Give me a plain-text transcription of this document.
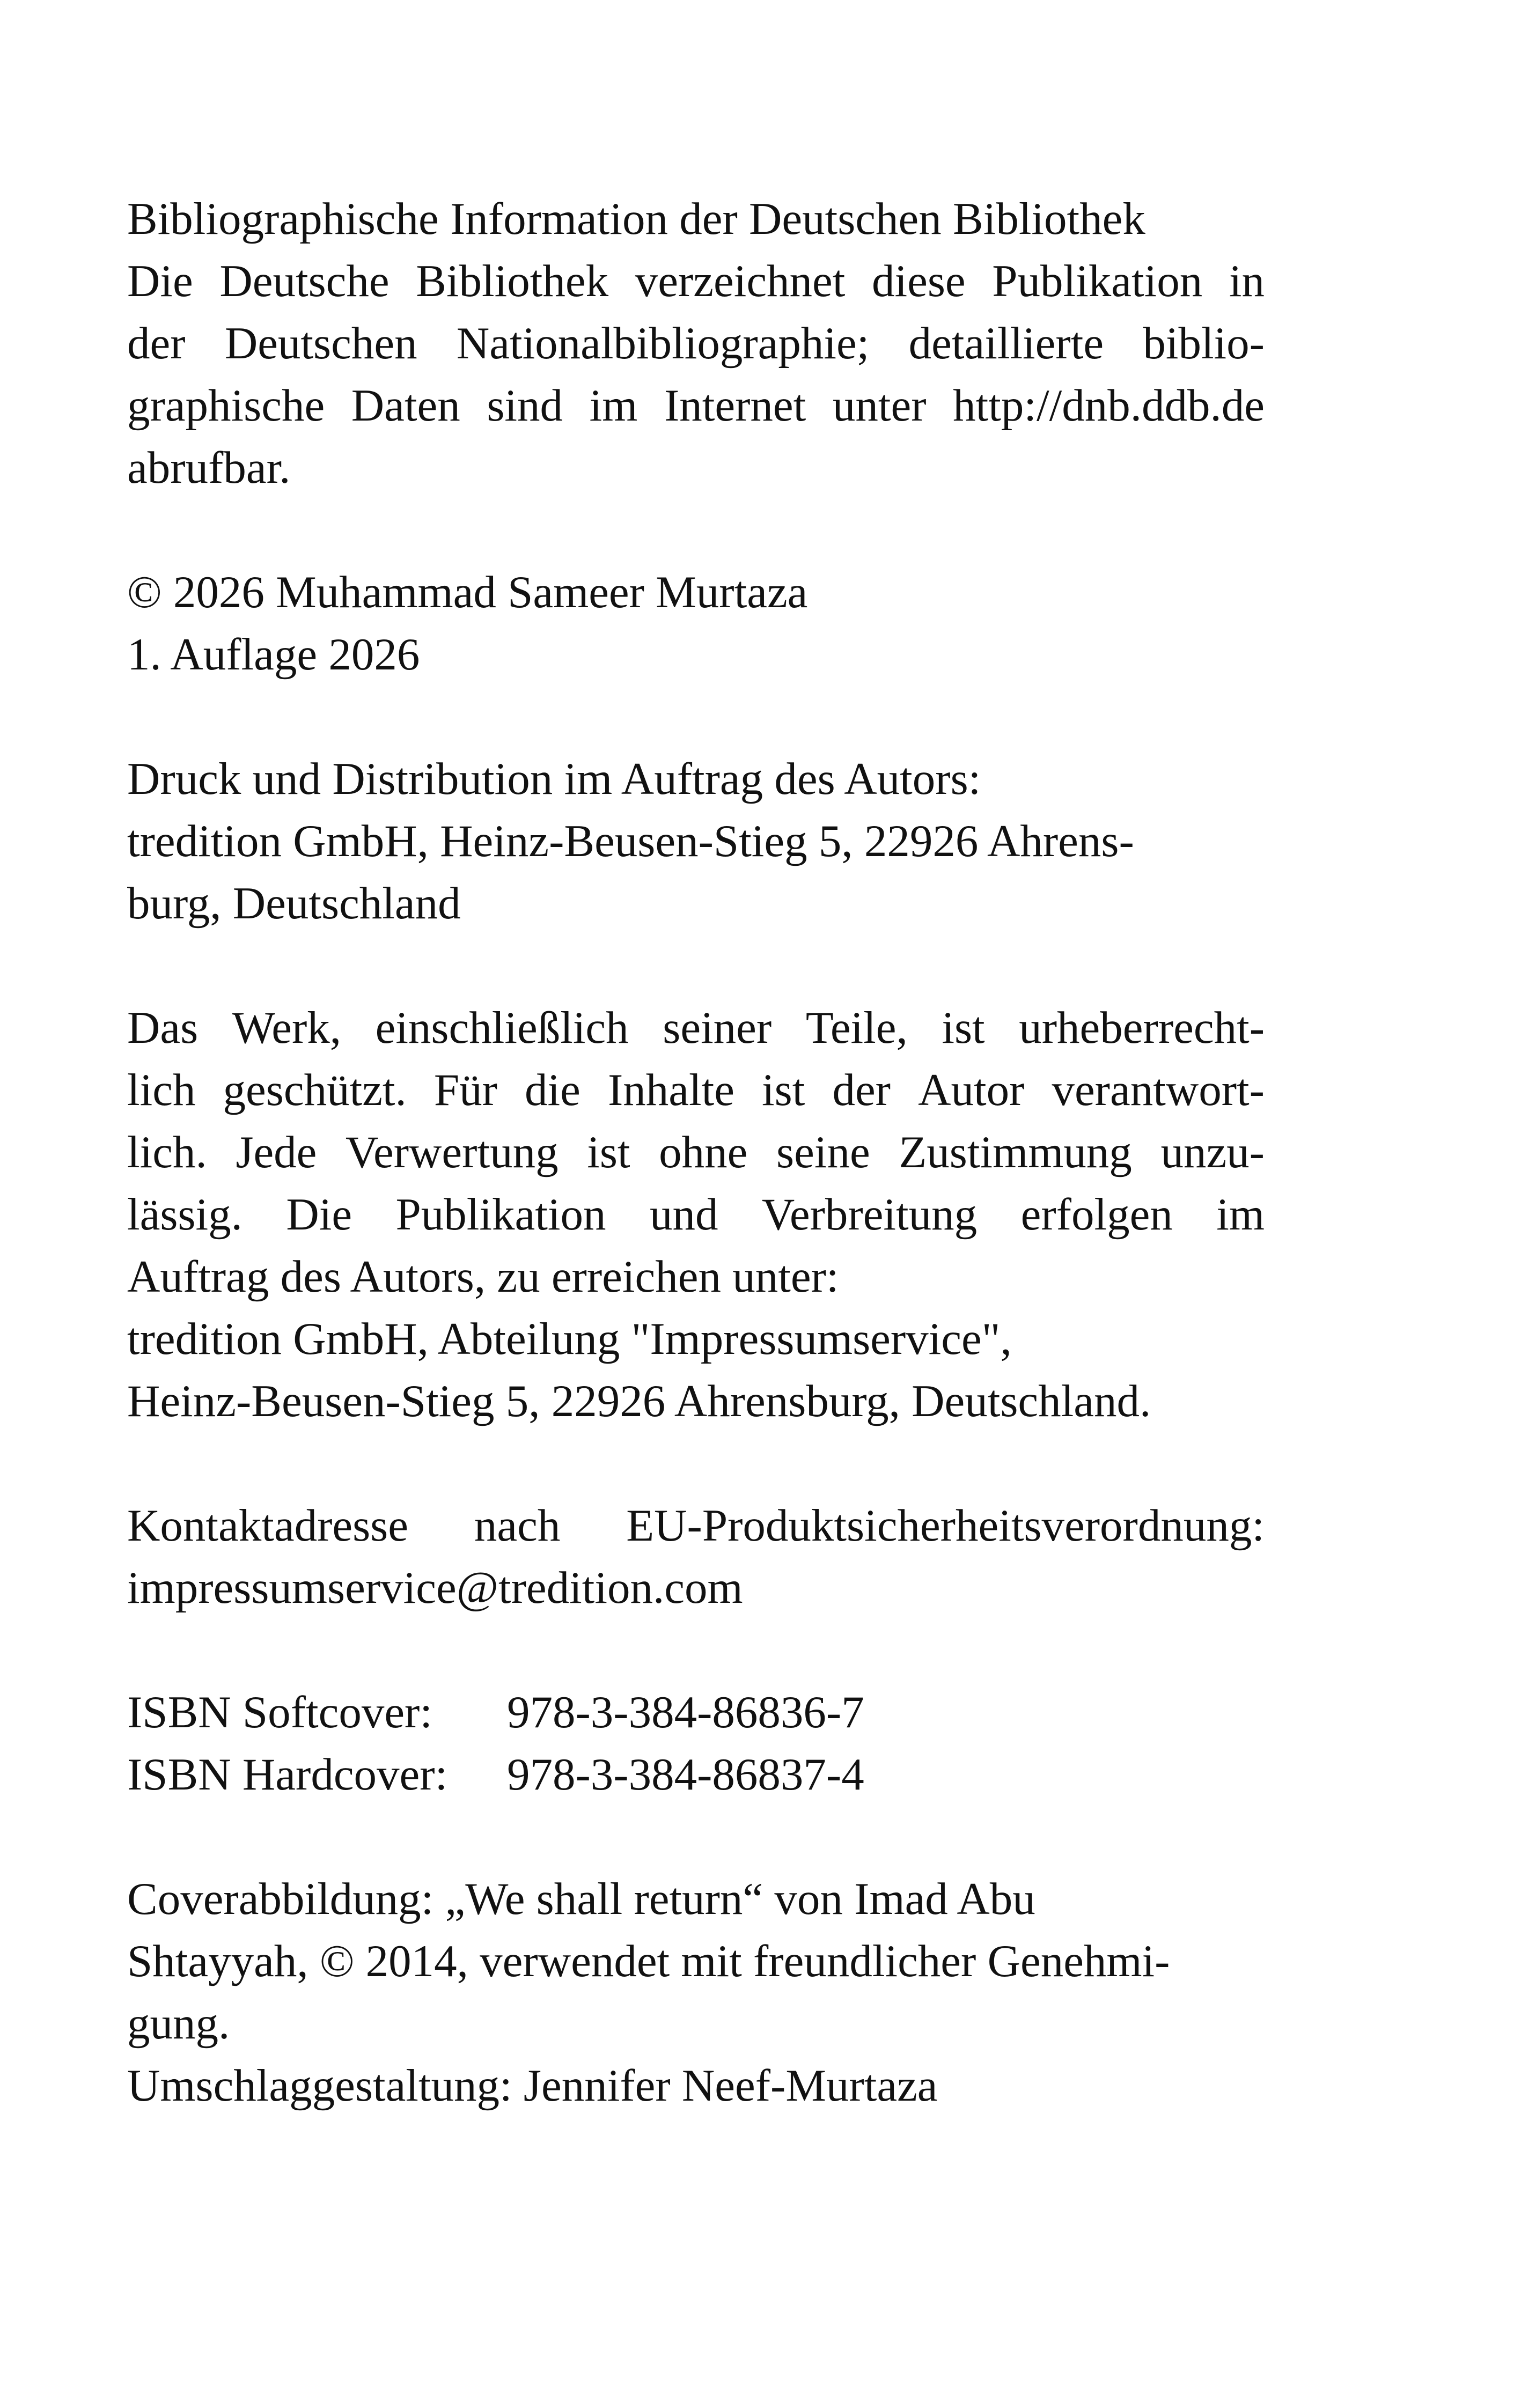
Bibliographische Information der Deutschen Bibliothek
Die Deutsche Bibliothek verzeichnet diese Publikation in
der Deutschen Nationalbibliographie; detaillierte biblio-
graphische Daten sind im Internet unter http://dnb.ddb.de
abrufbar.
© 2026 Muhammad Sameer Murtaza
1. Auflage 2026
Druck und Distribution im Auftrag des Autors:
tredition GmbH, Heinz-Beusen-Stieg 5, 22926 Ahrens-
burg, Deutschland
Das Werk, einschließlich seiner Teile, ist urheberrecht-
lich geschützt. Für die Inhalte ist der Autor verantwort-
lich. Jede Verwertung ist ohne seine Zustimmung unzu-
lässig. Die Publikation und Verbreitung erfolgen im
Auftrag des Autors, zu erreichen unter:
tredition GmbH, Abteilung "Impressumservice",
Heinz-Beusen-Stieg 5, 22926 Ahrensburg, Deutschland.
Kontaktadresse nach EU-Produktsicherheitsverordnung:
impressumservice@tredition.com
ISBN Softcover:	978-3-384-86836-7
ISBN Hardcover:	978-3-384-86837-4
Coverabbildung: „We shall return“ von Imad Abu
Shtayyah, © 2014, verwendet mit freundlicher Genehmi-
gung.
Umschlaggestaltung: Jennifer Neef-Murtaza
